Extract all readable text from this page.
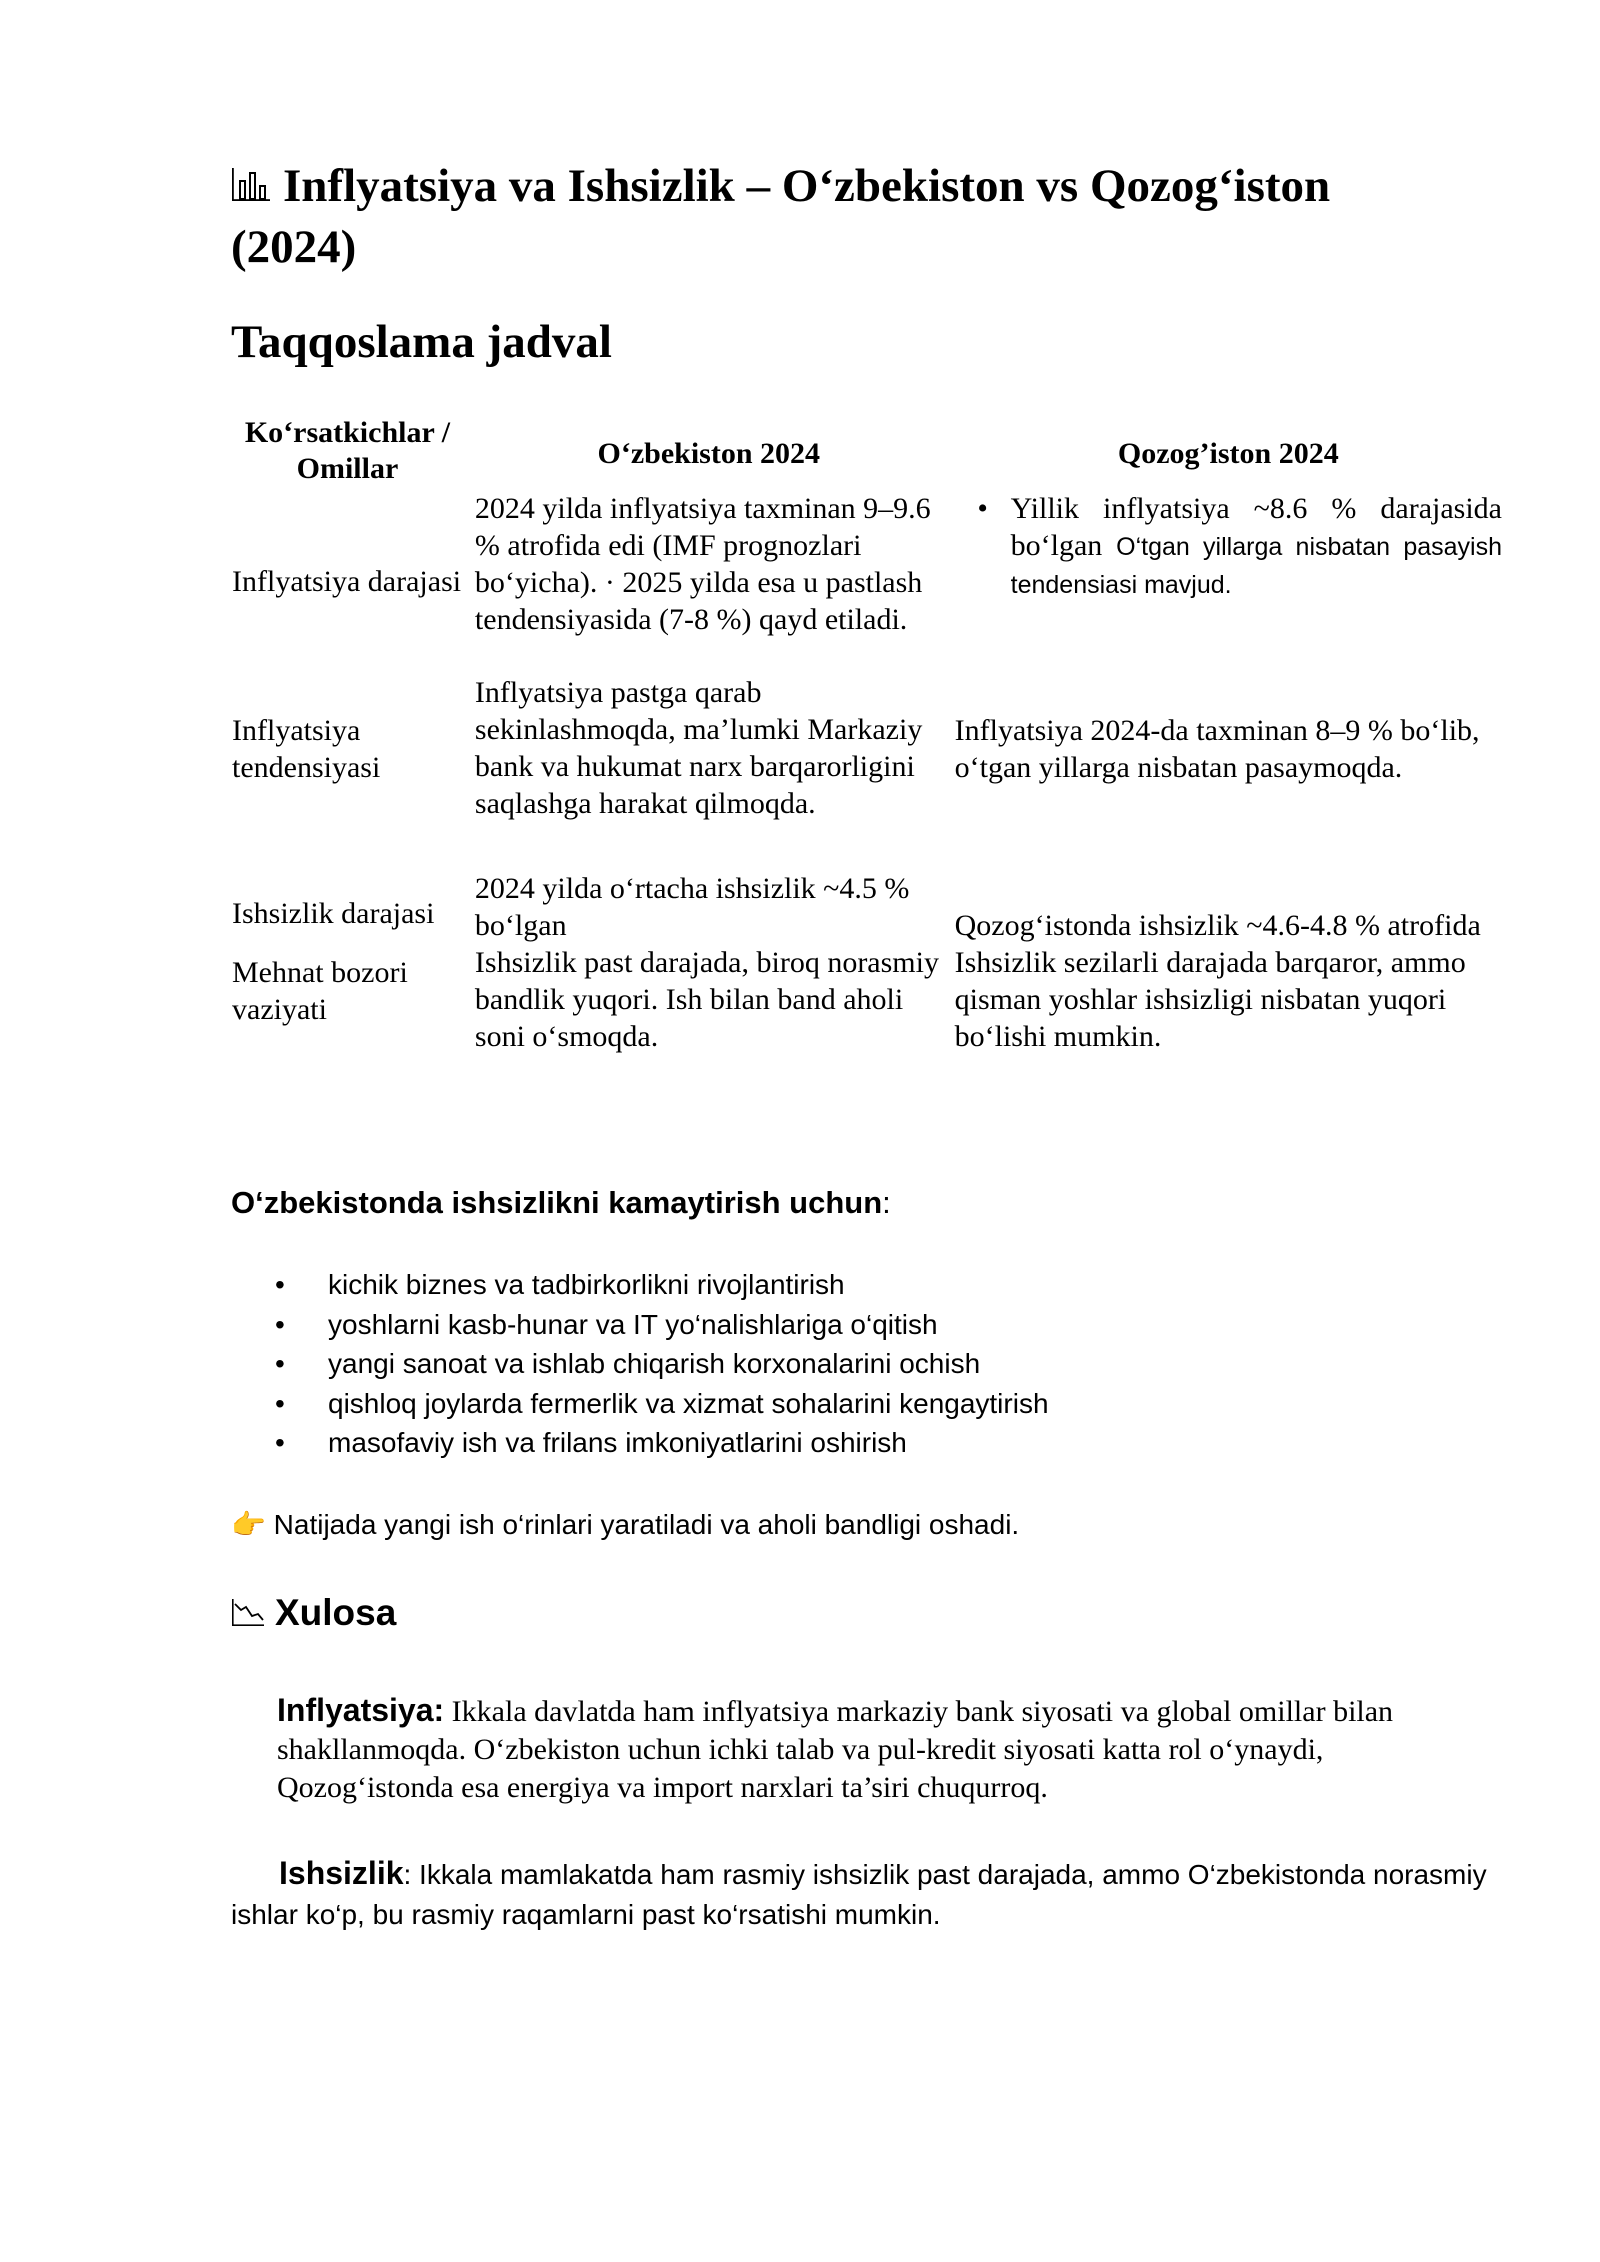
Inflyatsiya va Ishsizlik – O‘zbekiston vs Qozog‘iston (2024)
Taqqoslama jadval
Ko‘rsatkichlar / Omillar	O‘zbekiston 2024	Qozog’iston 2024
Inflyatsiya darajasi	2024 yilda inflyatsiya taxminan 9–9.6 % atrofida edi (IMF prognozlari bo‘yicha). · 2025 yilda esa u pastlash tendensiyasida (7-8 %) qayd etiladi.	• Yillik inflyatsiya ~8.6 % darajasida bo‘lgan O‘tgan yillarga nisbatan pasayish tendensiasi mavjud.

Inflyatsiya tendensiyasi	Inflyatsiya pastga qarab sekinlashmoqda, ma’lumki Markaziy bank va hukumat narx barqarorligini saqlashga harakat qilmoqda.	Inflyatsiya 2024-da taxminan 8–9 % bo‘lib, o‘tgan yillarga nisbatan pasaymoqda.
Ishsizlik darajasi	2024 yilda o‘rtacha ishsizlik ~4.5 % bo‘lgan	Qozog‘istonda ishsizlik ~4.6-4.8 % atrofida
Mehnat bozori vaziyati	Ishsizlik past darajada, biroq norasmiy bandlik yuqori. Ish bilan band aholi soni o‘smoqda.	Ishsizlik sezilarli darajada barqaror, ammo qisman yoshlar ishsizligi nisbatan yuqori bo‘lishi mumkin.
O‘zbekistonda ishsizlikni kamaytirish uchun:
• kichik biznes va tadbirkorlikni rivojlantirish
• yoshlarni kasb-hunar va IT yo‘nalishlariga o‘qitish
• yangi sanoat va ishlab chiqarish korxonalarini ochish
• qishloq joylarda fermerlik va xizmat sohalarini kengaytirish
• masofaviy ish va frilans imkoniyatlarini oshirish
👉 Natijada yangi ish o‘rinlari yaratiladi va aholi bandligi oshadi.
Xulosa

Inflyatsiya: Ikkala davlatda ham inflyatsiya markaziy bank siyosati va global omillar bilan shakllanmoqda. O‘zbekiston uchun ichki talab va pul-kredit siyosati katta rol o‘ynaydi, Qozog‘istonda esa energiya va import narxlari ta’siri chuqurroq.

Ishsizlik: Ikkala mamlakatda ham rasmiy ishsizlik past darajada, ammo O‘zbekistonda norasmiy ishlar ko‘p, bu rasmiy raqamlarni past ko‘rsatishi mumkin.
